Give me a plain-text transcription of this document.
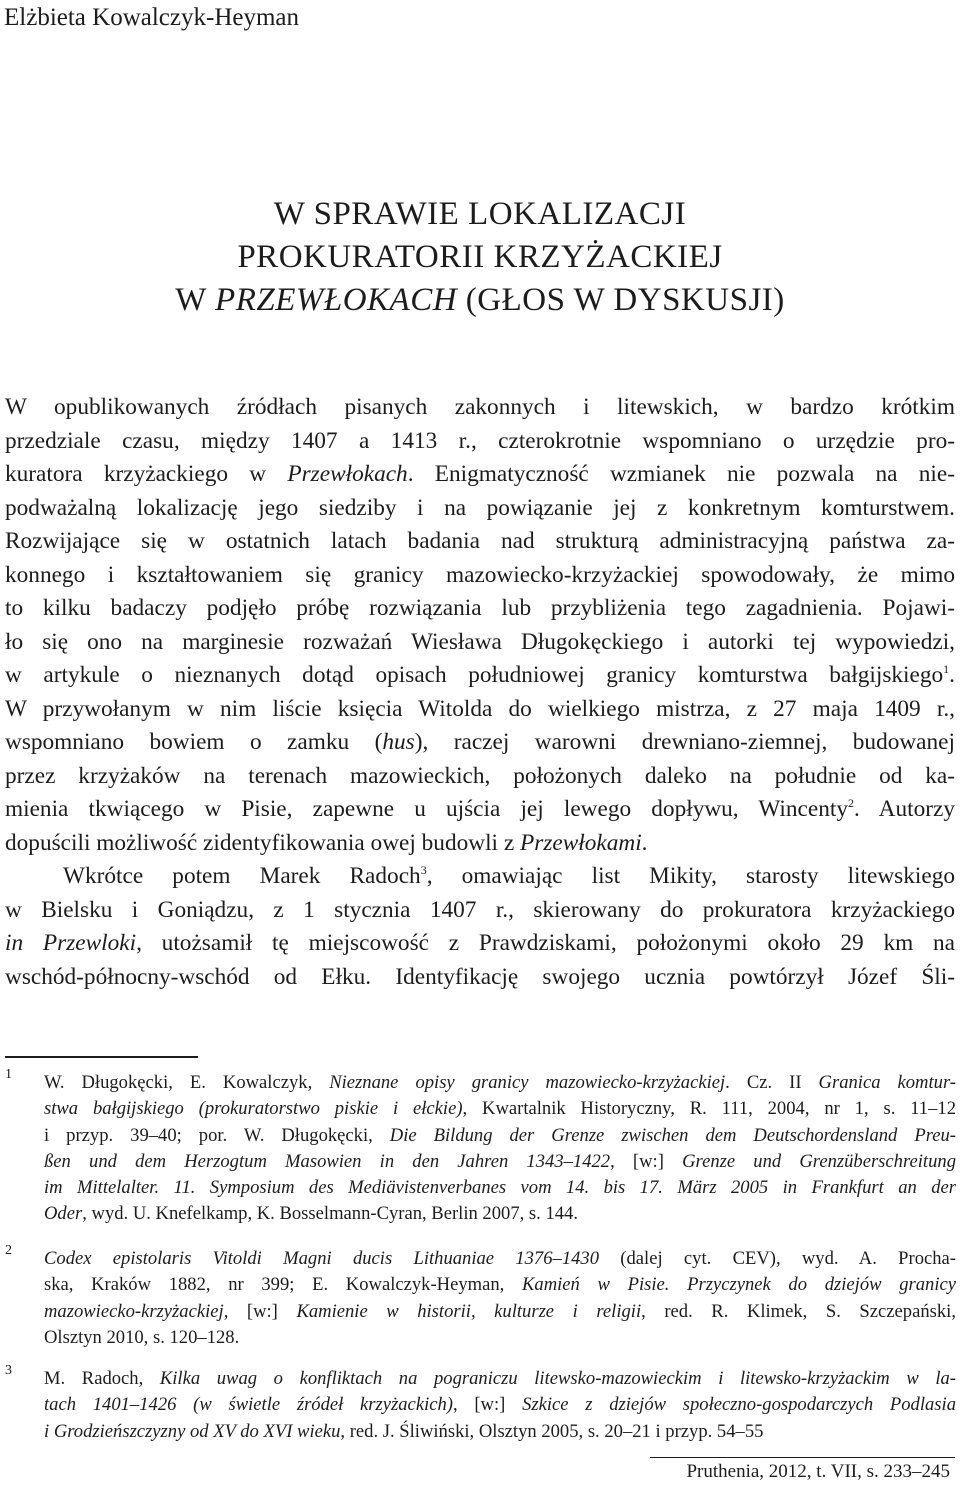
Elżbieta Kowalczyk-Heyman
W SPRAWIE LOKALIZACJI
PROKURATORII KRZYŻACKIEJ
W PRZEWŁOKACH (GŁOS W DYSKUSJI)
W opublikowanych źródłach pisanych zakonnych i litewskich, w bardzo krótkim
przedziale czasu, między 1407 a 1413 r., czterokrotnie wspomniano o urzędzie pro-
kuratora krzyżackiego w Przewłokach. Enigmatyczność wzmianek nie pozwala na nie-
podważalną lokalizację jego siedziby i na powiązanie jej z konkretnym komturstwem.
Rozwijające się w ostatnich latach badania nad strukturą administracyjną państwa za-
konnego i kształtowaniem się granicy mazowiecko-krzyżackiej spowodowały, że mimo
to kilku badaczy podjęło próbę rozwiązania lub przybliżenia tego zagadnienia. Pojawi-
ło się ono na marginesie rozważań Wiesława Długokęckiego i autorki tej wypowiedzi,
w artykule o nieznanych dotąd opisach południowej granicy komturstwa bałgijskiego$^1$.
W przywołanym w nim liście księcia Witolda do wielkiego mistrza, z 27 maja 1409 r.,
wspomniano bowiem o zamku (hus), raczej warowni drewniano-ziemnej, budowanej
przez krzyżaków na terenach mazowieckich, położonych daleko na południe od ka-
mienia tkwiącego w Pisie, zapewne u ujścia jej lewego dopływu, Wincenty$^2$. Autorzy
dopuścili możliwość zidentyfikowania owej budowli z Przewłokami.
Wkrótce potem Marek Radoch$^3$, omawiając list Mikity, starosty litewskiego
w Bielsku i Goniądzu, z 1 stycznia 1407 r., skierowany do prokuratora krzyżackiego
in Przewloki, utożsamił tę miejscowość z Prawdziskami, położonymi około 29 km na
wschód-północny-wschód od Ełku. Identyfikację swojego ucznia powtórzył Józef Śli-
1 W. Długokęcki, E. Kowalczyk, Nieznane opisy granicy mazowiecko-krzyżackiej. Cz. II Granica komtur-
stwa bałgijskiego (prokuratorstwo piskie i ełckie), Kwartalnik Historyczny, R. 111, 2004, nr 1, s. 11–12
i przyp. 39–40; por. W. Długokęcki, Die Bildung der Grenze zwischen dem Deutschordensland Preu-
ßen und dem Herzogtum Masowien in den Jahren 1343–1422, [w:] Grenze und Grenzüberschreitung
im Mittelalter. 11. Symposium des Mediävistenverbanes vom 14. bis 17. März 2005 in Frankfurt an der
Oder, wyd. U. Knefelkamp, K. Bosselmann-Cyran, Berlin 2007, s. 144.
2 Codex epistolaris Vitoldi Magni ducis Lithuaniae 1376–1430 (dalej cyt. CEV), wyd. A. Procha-
ska, Kraków 1882, nr 399; E. Kowalczyk-Heyman, Kamień w Pisie. Przyczynek do dziejów granicy
mazowiecko-krzyżackiej, [w:] Kamienie w historii, kulturze i religii, red. R. Klimek, S. Szczepański,
Olsztyn 2010, s. 120–128.
3 M. Radoch, Kilka uwag o konfliktach na pograniczu litewsko-mazowieckim i litewsko-krzyżackim w la-
tach 1401–1426 (w świetle źródeł krzyżackich), [w:] Szkice z dziejów społeczno-gospodarczych Podlasia
i Grodzieńszczyzny od XV do XVI wieku, red. J. Śliwiński, Olsztyn 2005, s. 20–21 i przyp. 54–55
Pruthenia, 2012, t. VII, s. 233–245
